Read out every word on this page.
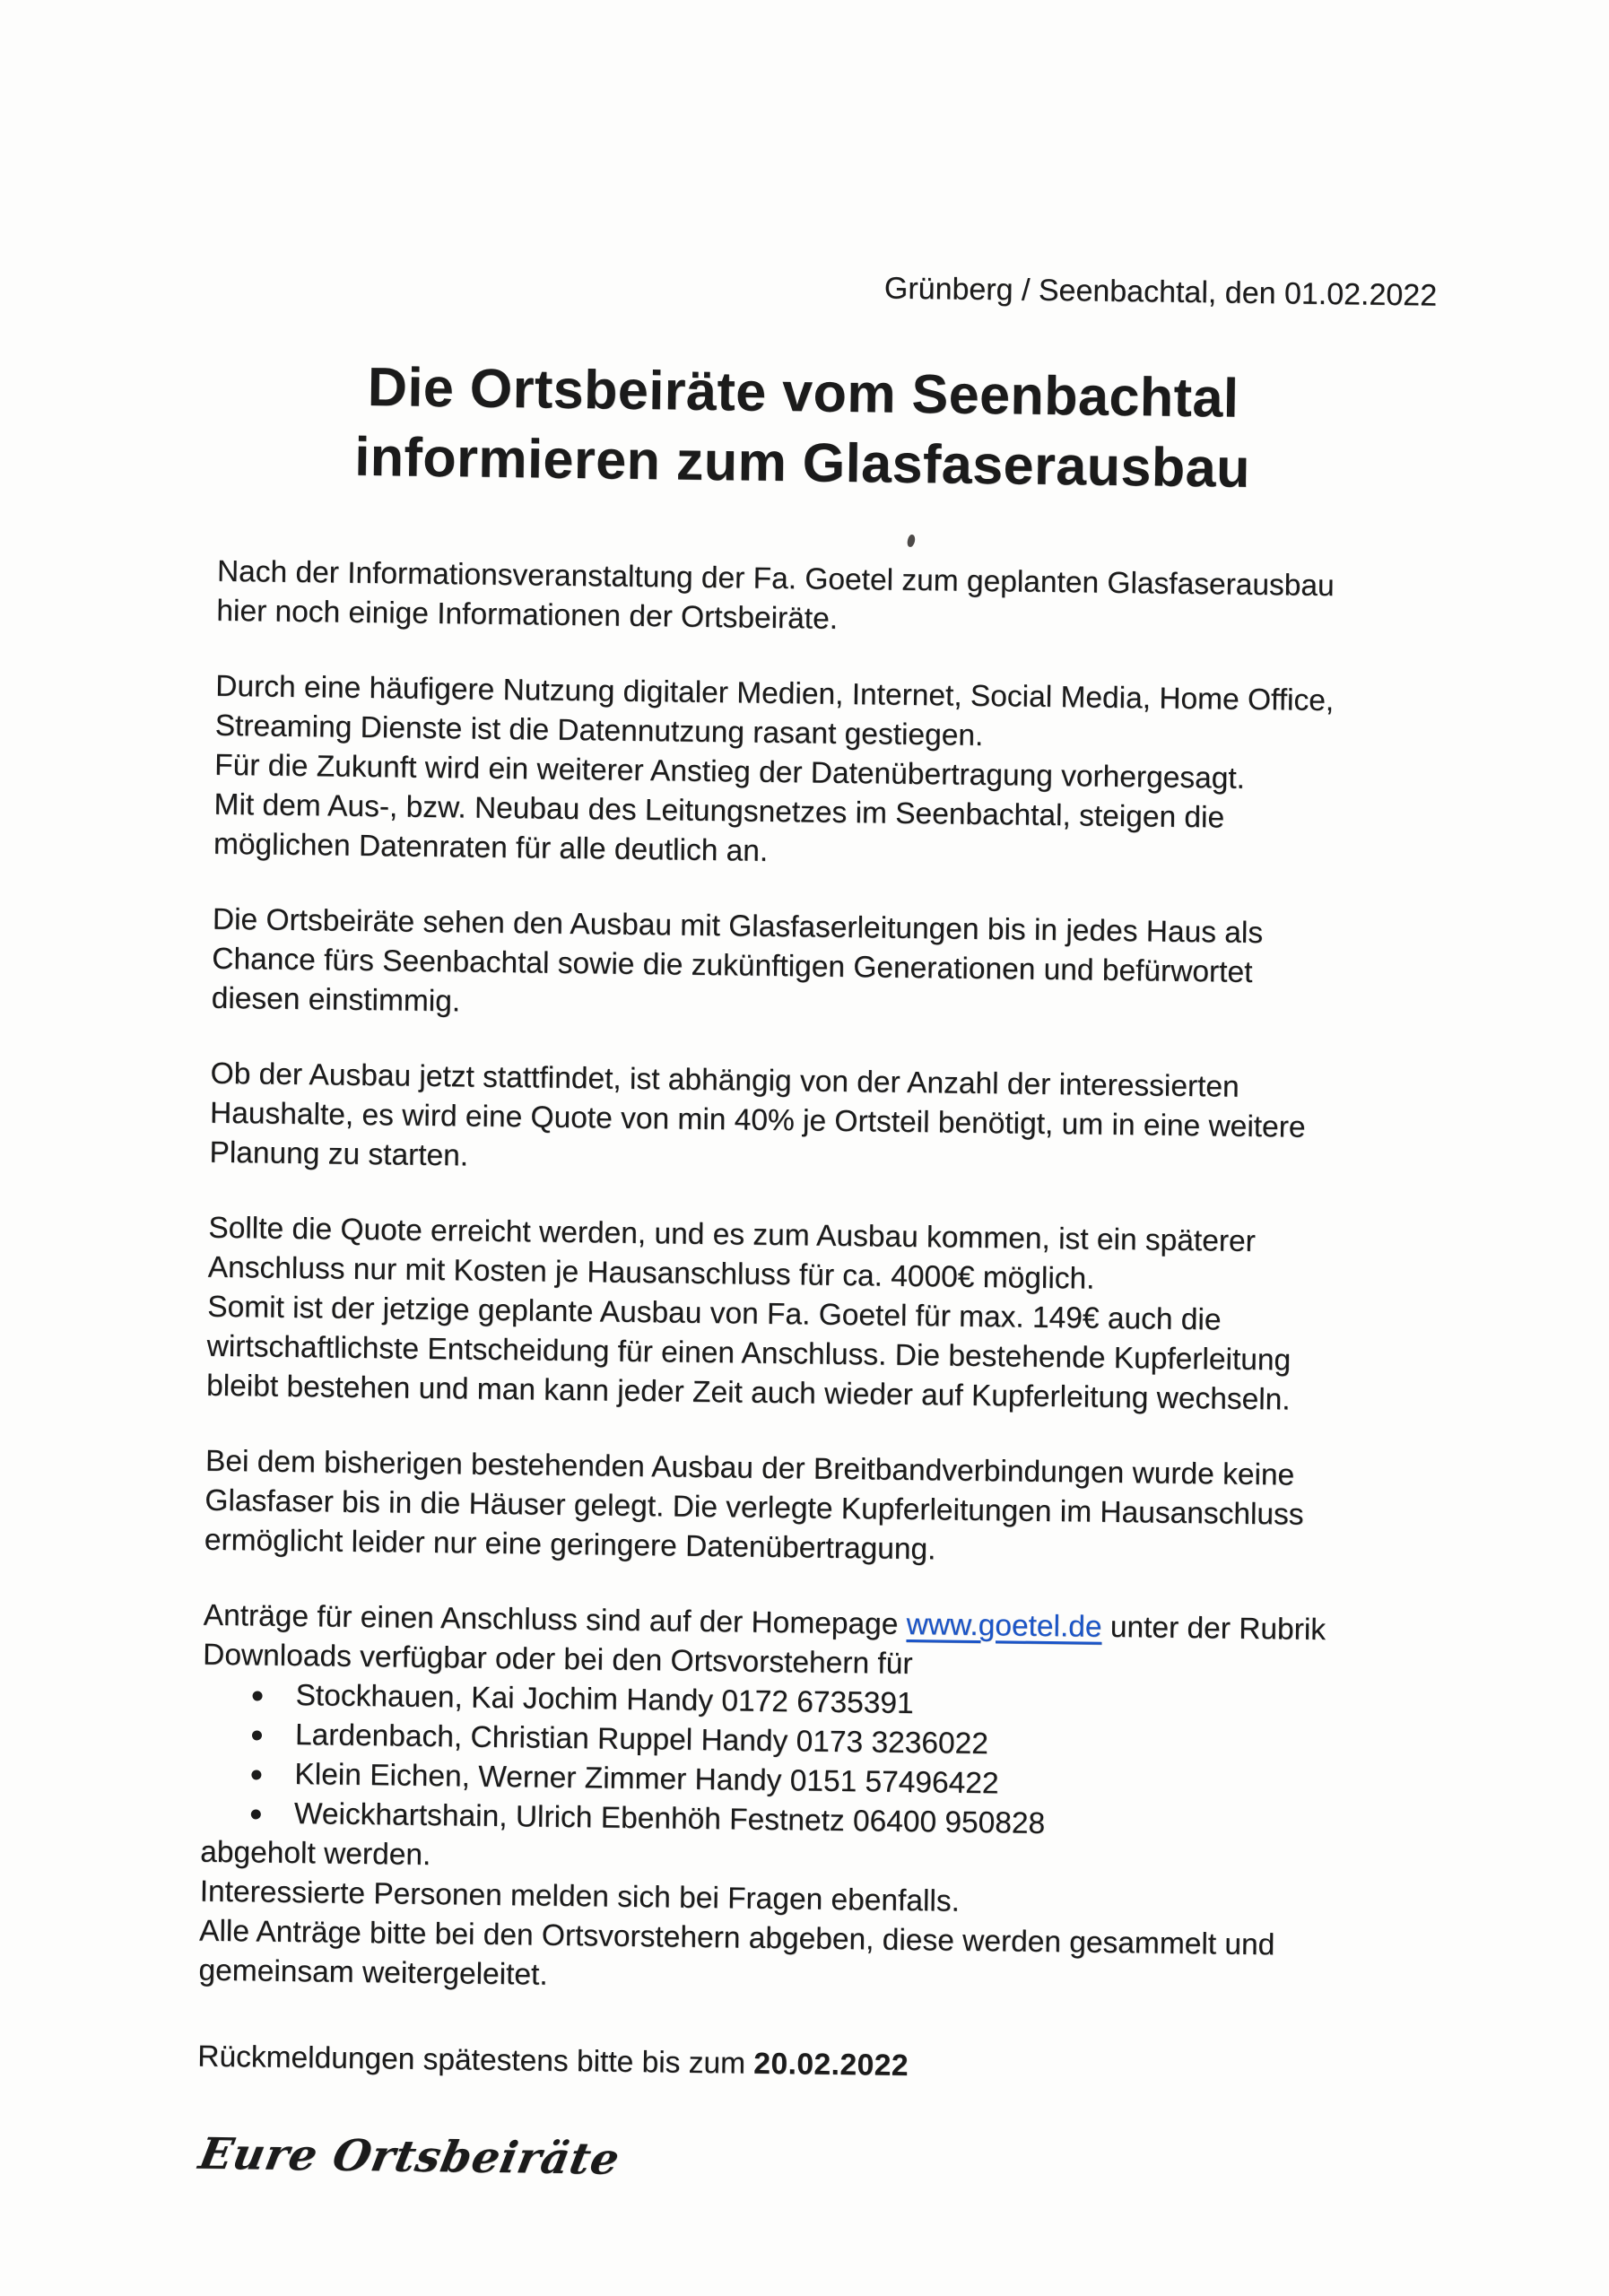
Grünberg / Seenbachtal, den 01.02.2022
Die Ortsbeiräte vom Seenbachtal
informieren zum Glasfaserausbau
Nach der Informationsveranstaltung der Fa. Goetel zum geplanten Glasfaserausbau
hier noch einige Informationen der Ortsbeiräte.
Durch eine häufigere Nutzung digitaler Medien, Internet, Social Media, Home Office,
Streaming Dienste ist die Datennutzung rasant gestiegen.
Für die Zukunft wird ein weiterer Anstieg der Datenübertragung vorhergesagt.
Mit dem Aus-, bzw. Neubau des Leitungsnetzes im Seenbachtal, steigen die
möglichen Datenraten für alle deutlich an.
Die Ortsbeiräte sehen den Ausbau mit Glasfaserleitungen bis in jedes Haus als
Chance fürs Seenbachtal sowie die zukünftigen Generationen und befürwortet
diesen einstimmig.
Ob der Ausbau jetzt stattfindet, ist abhängig von der Anzahl der interessierten
Haushalte, es wird eine Quote von min 40% je Ortsteil benötigt, um in eine weitere
Planung zu starten.
Sollte die Quote erreicht werden, und es zum Ausbau kommen, ist ein späterer
Anschluss nur mit Kosten je Hausanschluss für ca. 4000€ möglich.
Somit ist der jetzige geplante Ausbau von Fa. Goetel für max. 149€ auch die
wirtschaftlichste Entscheidung für einen Anschluss. Die bestehende Kupferleitung
bleibt bestehen und man kann jeder Zeit auch wieder auf Kupferleitung wechseln.
Bei dem bisherigen bestehenden Ausbau der Breitbandverbindungen wurde keine
Glasfaser bis in die Häuser gelegt. Die verlegte Kupferleitungen im Hausanschluss
ermöglicht leider nur eine geringere Datenübertragung.
Anträge für einen Anschluss sind auf der Homepage www.goetel.de unter der Rubrik
Downloads verfügbar oder bei den Ortsvorstehern für
Stockhauen, Kai Jochim Handy 0172 6735391
Lardenbach, Christian Ruppel Handy 0173 3236022
Klein Eichen, Werner Zimmer Handy 0151 57496422
Weickhartshain, Ulrich Ebenhöh Festnetz 06400 950828
abgeholt werden.
Interessierte Personen melden sich bei Fragen ebenfalls.
Alle Anträge bitte bei den Ortsvorstehern abgeben, diese werden gesammelt und
gemeinsam weitergeleitet.
Rückmeldungen spätestens bitte bis zum 20.02.2022
Eure Ortsbeiräte
